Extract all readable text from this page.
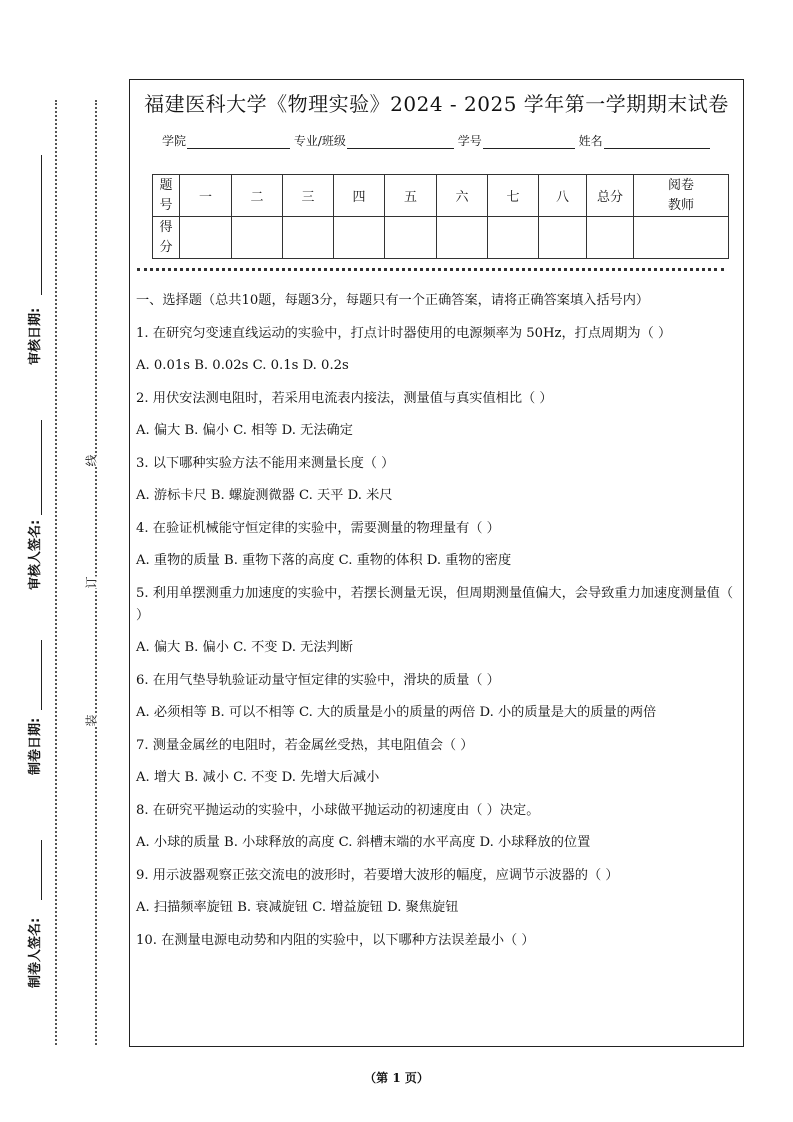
审核日期:
审核人签名:
制卷日期:
制卷人签名:
线
订
装
福建医科大学《物理实验》2024 - 2025 学年第一学期期末试卷
学院	专业/班级	学号	姓名
题
号	一	二	三	四	五	六	七	八	总分	阅卷
教师
得
分										

一、选择题（总共10题，每题3分，每题只有一个正确答案，请将正确答案填入括号内）

1. 在研究匀变速直线运动的实验中，打点计时器使用的电源频率为 50Hz，打点周期为（ ）

A. 0.01s B. 0.02s C. 0.1s D. 0.2s

2. 用伏安法测电阻时，若采用电流表内接法，测量值与真实值相比（ ）

A. 偏大 B. 偏小 C. 相等 D. 无法确定

3. 以下哪种实验方法不能用来测量长度（ ）

A. 游标卡尺 B. 螺旋测微器 C. 天平 D. 米尺

4. 在验证机械能守恒定律的实验中，需要测量的物理量有（ ）

A. 重物的质量 B. 重物下落的高度 C. 重物的体积 D. 重物的密度

5. 利用单摆测重力加速度的实验中，若摆长测量无误，但周期测量值偏大，会导致重力加速度测量值（ ）

A. 偏大 B. 偏小 C. 不变 D. 无法判断

6. 在用气垫导轨验证动量守恒定律的实验中，滑块的质量（ ）

A. 必须相等 B. 可以不相等 C. 大的质量是小的质量的两倍 D. 小的质量是大的质量的两倍

7. 测量金属丝的电阻时，若金属丝受热，其电阻值会（ ）

A. 增大 B. 减小 C. 不变 D. 先增大后减小

8. 在研究平抛运动的实验中，小球做平抛运动的初速度由（ ）决定。

A. 小球的质量 B. 小球释放的高度 C. 斜槽末端的水平高度 D. 小球释放的位置

9. 用示波器观察正弦交流电的波形时，若要增大波形的幅度，应调节示波器的（ ）

A. 扫描频率旋钮 B. 衰减旋钮 C. 增益旋钮 D. 聚焦旋钮

10. 在测量电源电动势和内阻的实验中，以下哪种方法误差最小（ ）

（第 1 页）
